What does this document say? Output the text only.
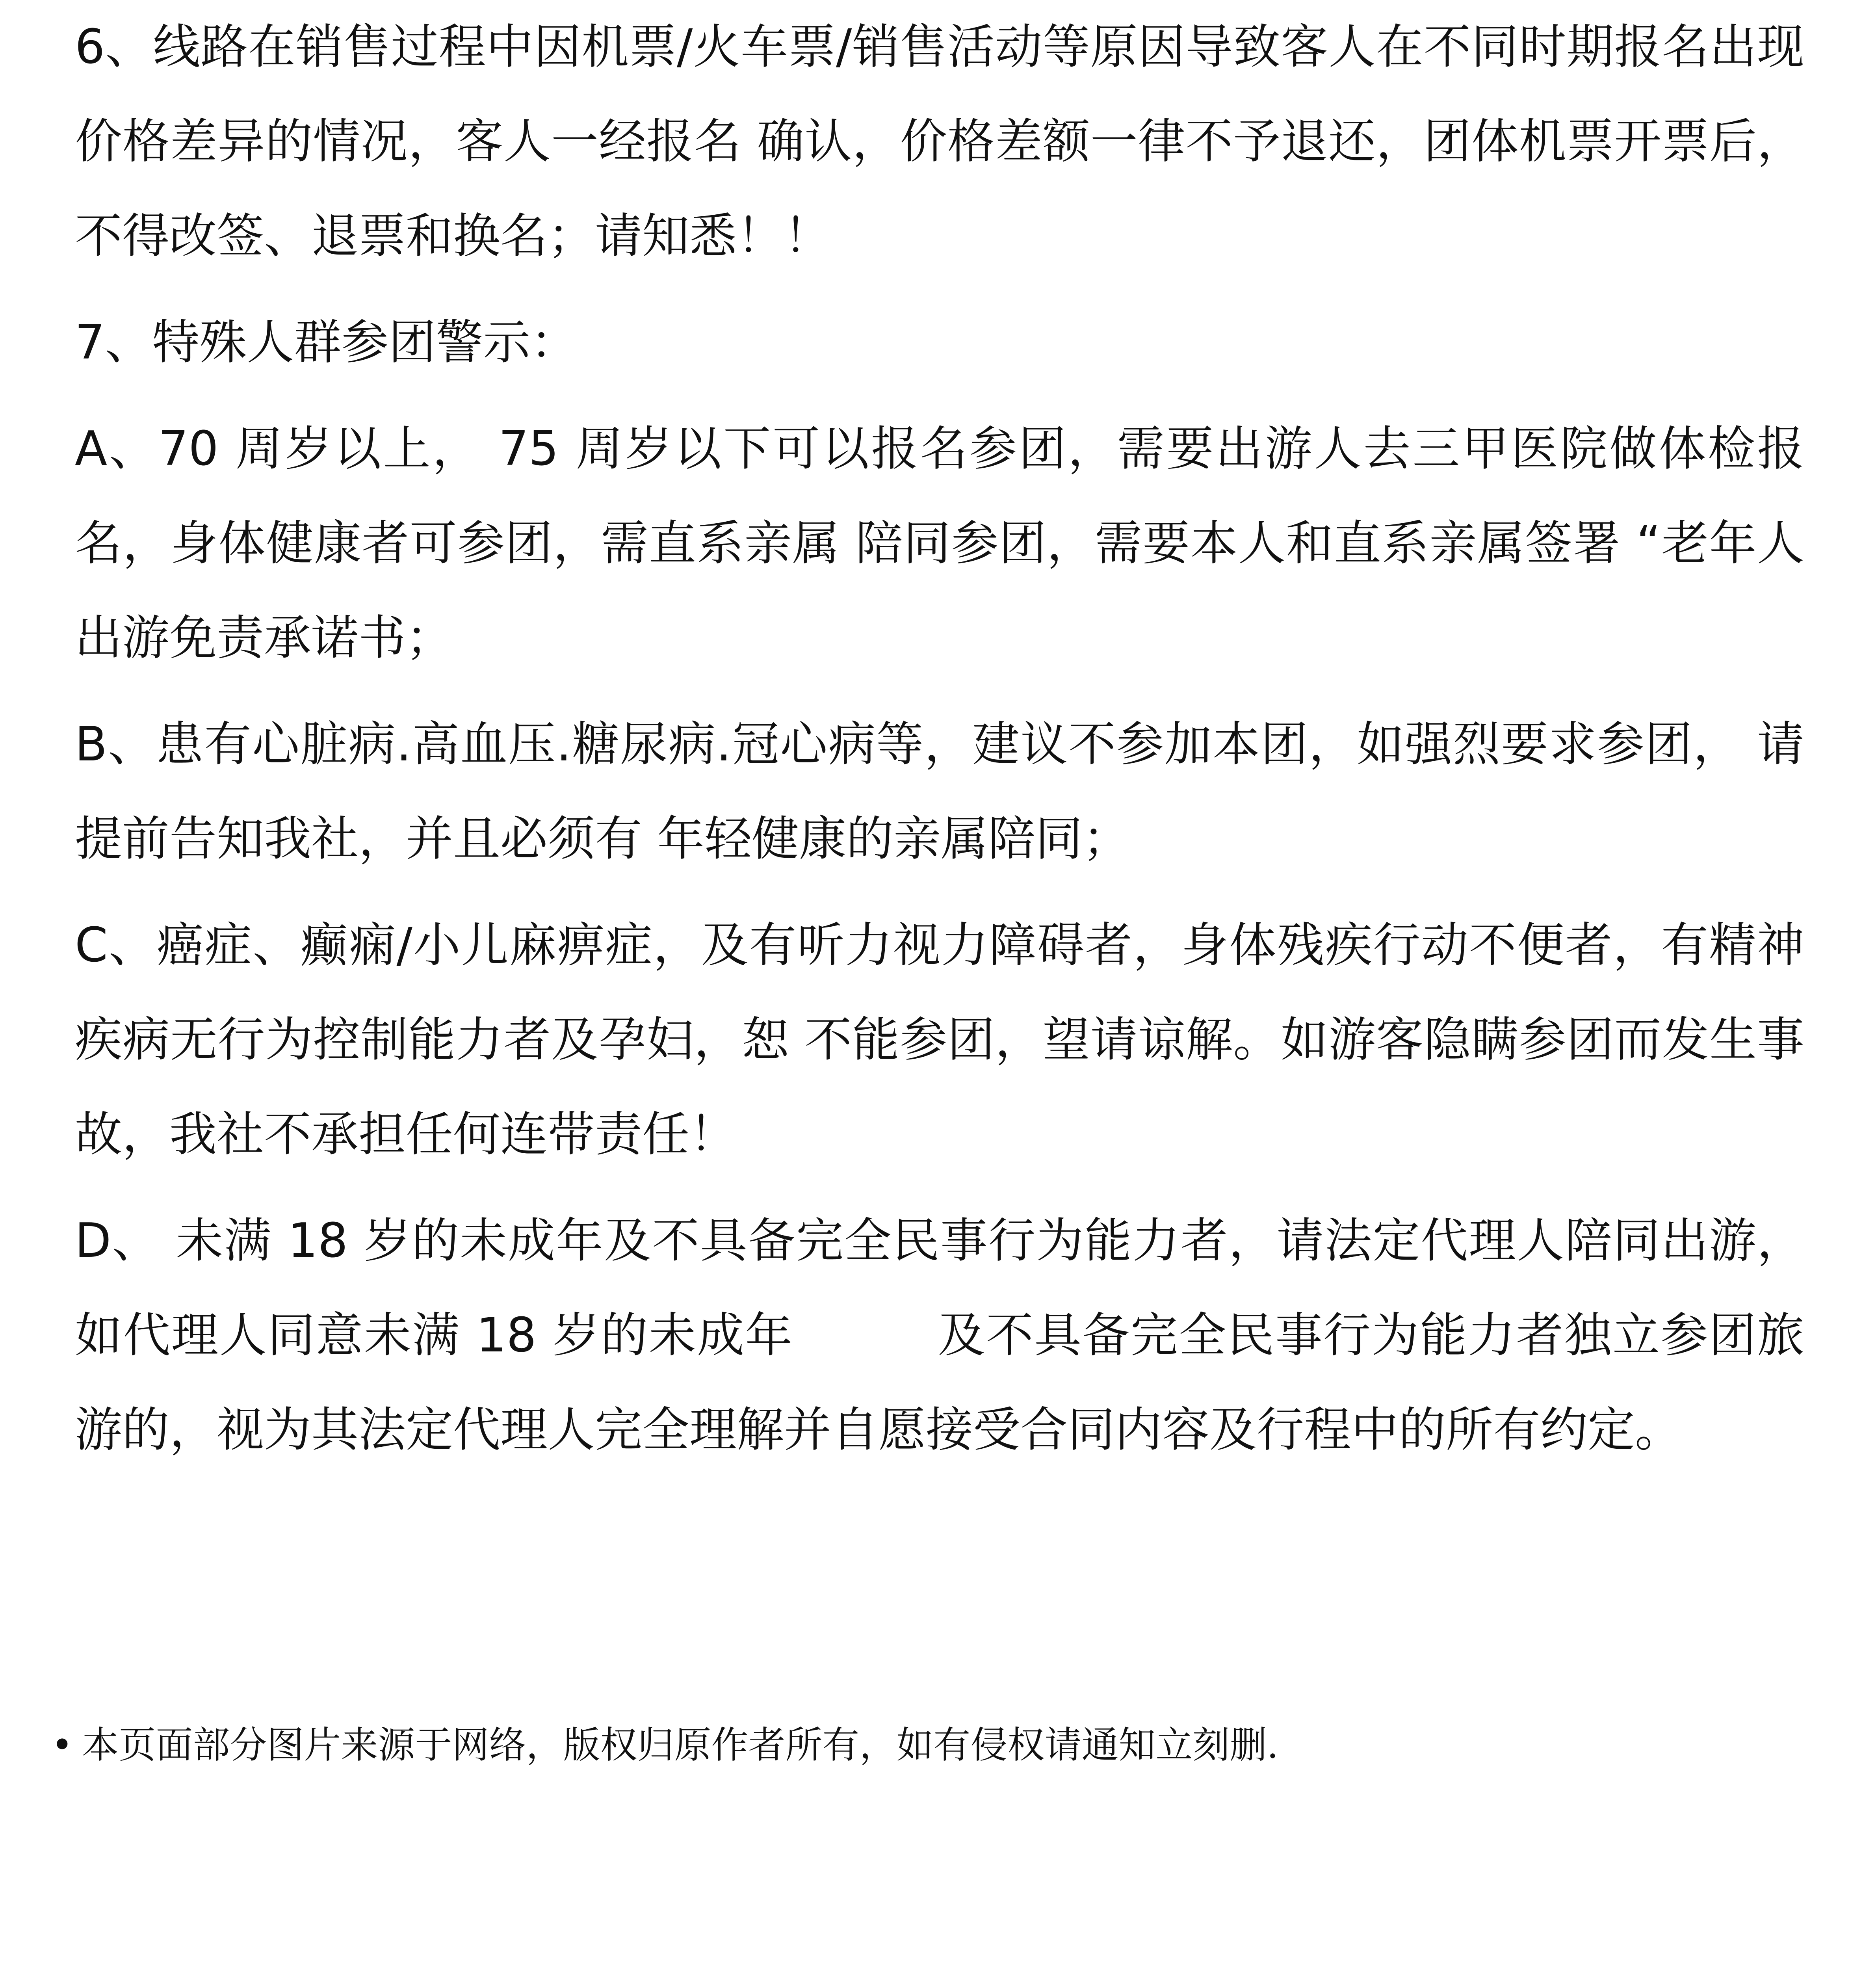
6、线路在销售过程中因机票/火车票/销售活动等原因导致客人在不同时期报名出现价格差异的情况，客人一经报名 确认，价格差额一律不予退还，团体机票开票后， 不得改签、退票和换名；请知悉！！

7、特殊人群参团警示：

A、70 周岁以上， 75 周岁以下可以报名参团，需要出游人去三甲医院做体检报名，身体健康者可参团，需直系亲属 陪同参团，需要本人和直系亲属签署 “老年人出游免责承诺书；

B、患有心脏病.高血压.糖尿病.冠心病等，建议不参加本团，如强烈要求参团， 请提前告知我社，并且必须有 年轻健康的亲属陪同；

C、癌症、癫痫/小儿麻痹症，及有听力视力障碍者，身体残疾行动不便者，有精神疾病无行为控制能力者及孕妇，恕 不能参团，望请谅解。如游客隐瞒参团而发生事故，我社不承担任何连带责任！

D、 未满 18 岁的未成年及不具备完全民事行为能力者，请法定代理人陪同出游， 如代理人同意未满 18 岁的未成年　　　及不具备完全民事行为能力者独立参团旅游的，视为其法定代理人完全理解并自愿接受合同内容及行程中的所有约定。

• 本页面部分图片来源于网络，版权归原作者所有，如有侵权请通知立刻删.
